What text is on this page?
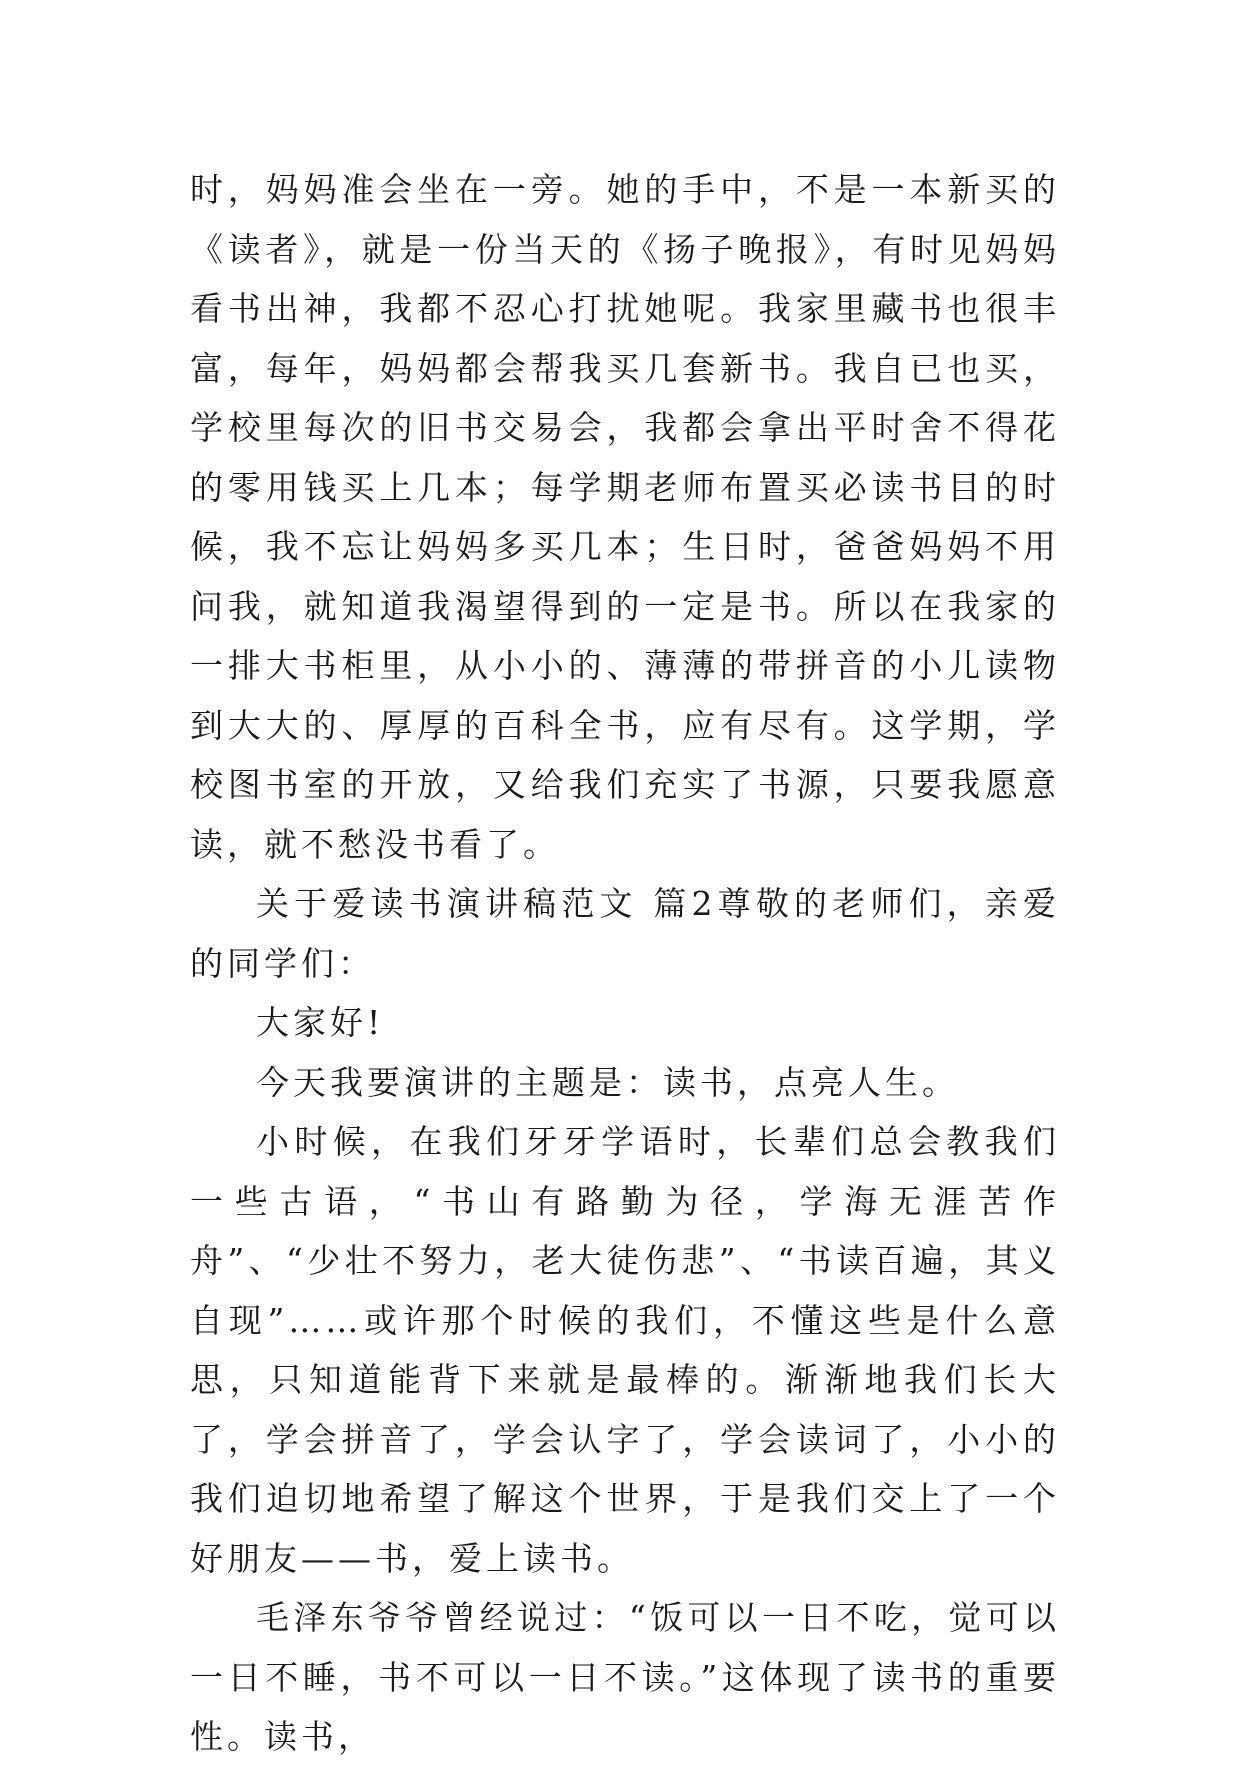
时，妈妈准会坐在一旁。她的手中，不是一本新买的《读者》，就是一份当天的《扬子晚报》，有时见妈妈看书出神，我都不忍心打扰她呢。我家里藏书也很丰富，每年，妈妈都会帮我买几套新书。我自已也买，学校里每次的旧书交易会，我都会拿出平时舍不得花的零用钱买上几本；每学期老师布置买必读书目的时候，我不忘让妈妈多买几本；生日时，爸爸妈妈不用问我，就知道我渴望得到的一定是书。所以在我家的一排大书柜里，从小小的、薄薄的带拼音的小儿读物到大大的、厚厚的百科全书，应有尽有。这学期，学校图书室的开放，又给我们充实了书源，只要我愿意读，就不愁没书看了。

关于爱读书演讲稿范文 篇2尊敬的老师们，亲爱的同学们：

大家好!

今天我要演讲的主题是：读书，点亮人生。

小时候，在我们牙牙学语时，长辈们总会教我们一些古语，“书山有路勤为径，学海无涯苦作舟”、“少壮不努力，老大徒伤悲”、“书读百遍，其义自现”……或许那个时候的我们，不懂这些是什么意思，只知道能背下来就是最棒的。渐渐地我们长大了，学会拼音了，学会认字了，学会读词了，小小的我们迫切地希望了解这个世界，于是我们交上了一个好朋友——书，爱上读书。

毛泽东爷爷曾经说过：“饭可以一日不吃，觉可以一日不睡，书不可以一日不读。”这体现了读书的重要性。读书，
